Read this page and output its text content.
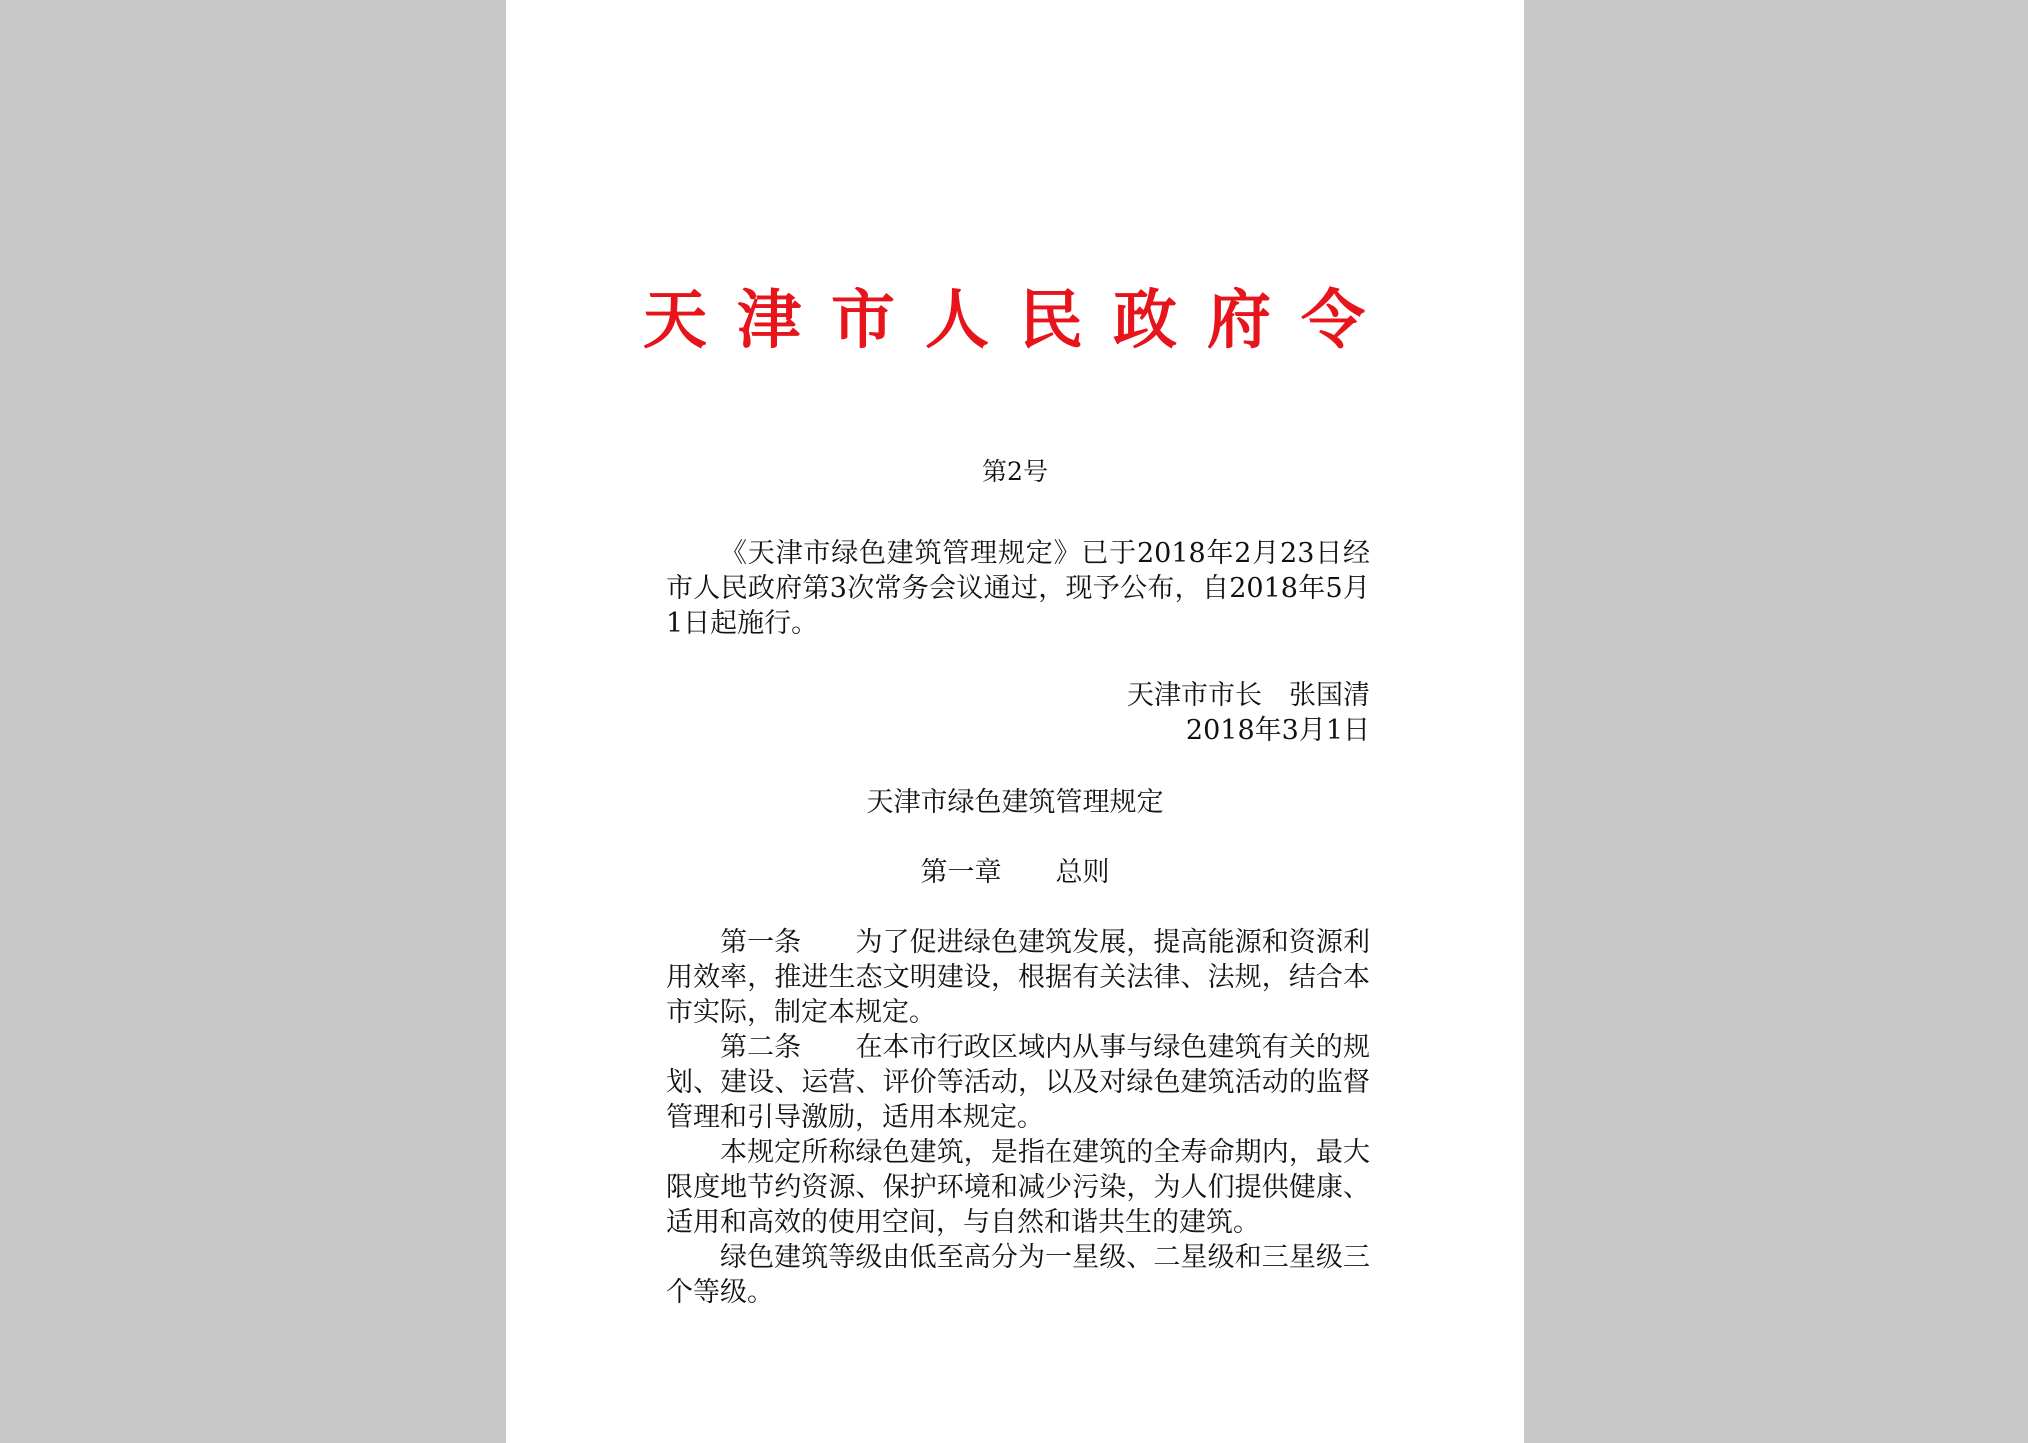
天津市人民政府令
第2号

《天津市绿色建筑管理规定》已于2018年2月23日经市人民政府第3次常务会议通过，现予公布，自2018年5月1日起施行。

天津市市长　张国清
2018年3月1日
天津市绿色建筑管理规定
第一章　　总则

第一条　　为了促进绿色建筑发展，提高能源和资源利用效率，推进生态文明建设，根据有关法律、法规，结合本市实际，制定本规定。

第二条　　在本市行政区域内从事与绿色建筑有关的规划、建设、运营、评价等活动，以及对绿色建筑活动的监督管理和引导激励，适用本规定。

本规定所称绿色建筑，是指在建筑的全寿命期内，最大限度地节约资源、保护环境和减少污染，为人们提供健康、适用和高效的使用空间，与自然和谐共生的建筑。

绿色建筑等级由低至高分为一星级、二星级和三星级三个等级。
